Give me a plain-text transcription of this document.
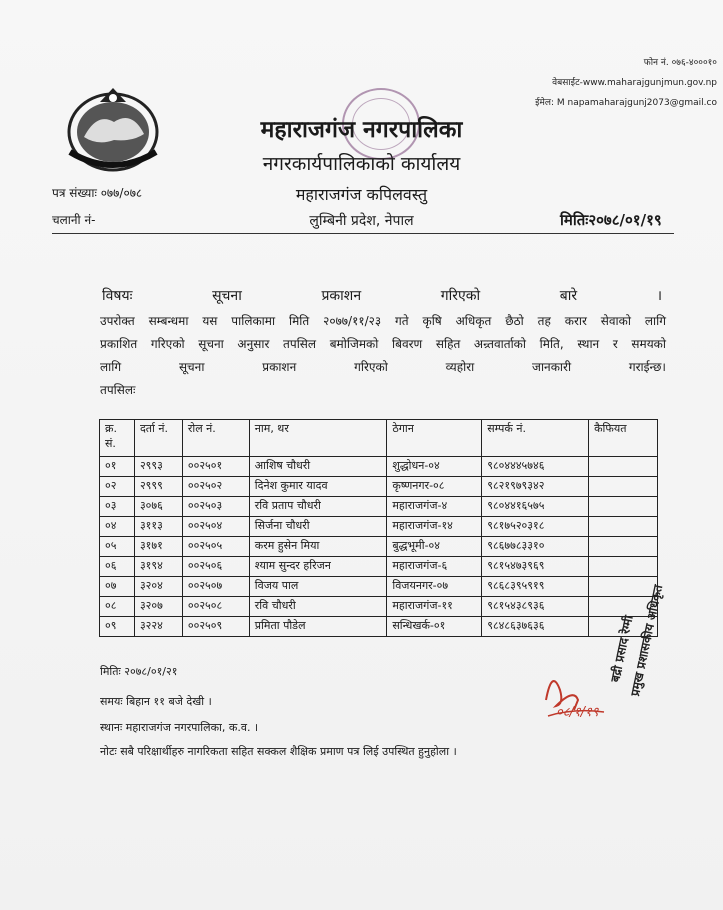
फोन नं. ०७६-४०००१०
वेबसाईट-www.maharajgunjmun.gov.np
ईमेल: M napamaharajgunj2073@gmail.co
महाराजगंज नगरपालिका
नगरकार्यपालिकाको कार्यालय
महाराजगंज कपिलवस्तु
लुम्बिनी प्रदेश, नेपाल
पत्र संख्याः ०७७/०७८
चलानी नं-	मितिः२०७८/०१/१९
विषयः	सूचना	प्रकाशन	गरिएको	बारे	।
उपरोक्त सम्बन्धमा यस पालिकामा मिति २०७७/११/२३ गते कृषि अधिकृत छैठो तह करार सेवाको लागि
प्रकाशित गरिएको सूचना अनुसार तपसिल बमोजिमको बिवरण सहित अन्र्तवार्ताको मिति, स्थान र समयको
लागि	सूचना	प्रकाशन	गरिएको	व्यहोरा	जानकारी	गराईन्छ।
तपसिलः
क्र. सं.	दर्ता नं.	रोल नं.	नाम, थर	ठेगान	सम्पर्क नं.	कैफियत
०१	२९९३	००२५०१	आशिष चौधरी	शुद्धोधन-०४	९८०४४४५७४६	
०२	२९९९	००२५०२	दिनेश कुमार यादव	कृष्णनगर-०८	९८२१९७९३४२	
०३	३०७६	००२५०३	रवि प्रताप चौधरी	महाराजगंज-४	९८०४४१६५७५	
०४	३११३	००२५०४	सिर्जना चौधरी	महाराजगंज-१४	९८१७५२०३१८	
०५	३१७१	००२५०५	करम हुसेन मिया	बुद्धभूमी-०४	९८६७७८३३१०	
०६	३१९४	००२५०६	श्याम सुन्दर हरिजन	महाराजगंज-६	९८१५४७३९६९	
०७	३२०४	००२५०७	विजय पाल	विजयनगर-०७	९८६८३९५९१९	
०८	३२०७	००२५०८	रवि चौधरी	महाराजगंज-११	९८१५४३८९३६	
०९	३२२४	००२५०९	प्रमिता पौडेल	सन्धिखर्क-०१	९८४८६३७६३६	
मितिः २०७८/०१/२१
समयः बिहान ११ बजे देखी ।
स्थानः महाराजगंज नगरपालिका, क.व. ।
नोटः सबै परिक्षार्थीहरु नागरिकता सहित सक्कल शैक्षिक प्रमाण पत्र लिई उपस्थित हुनुहोला ।
०८/१/१९
बद्री प्रसाद रेग्मी
प्रमुख प्रशासकीय अधिकृत
